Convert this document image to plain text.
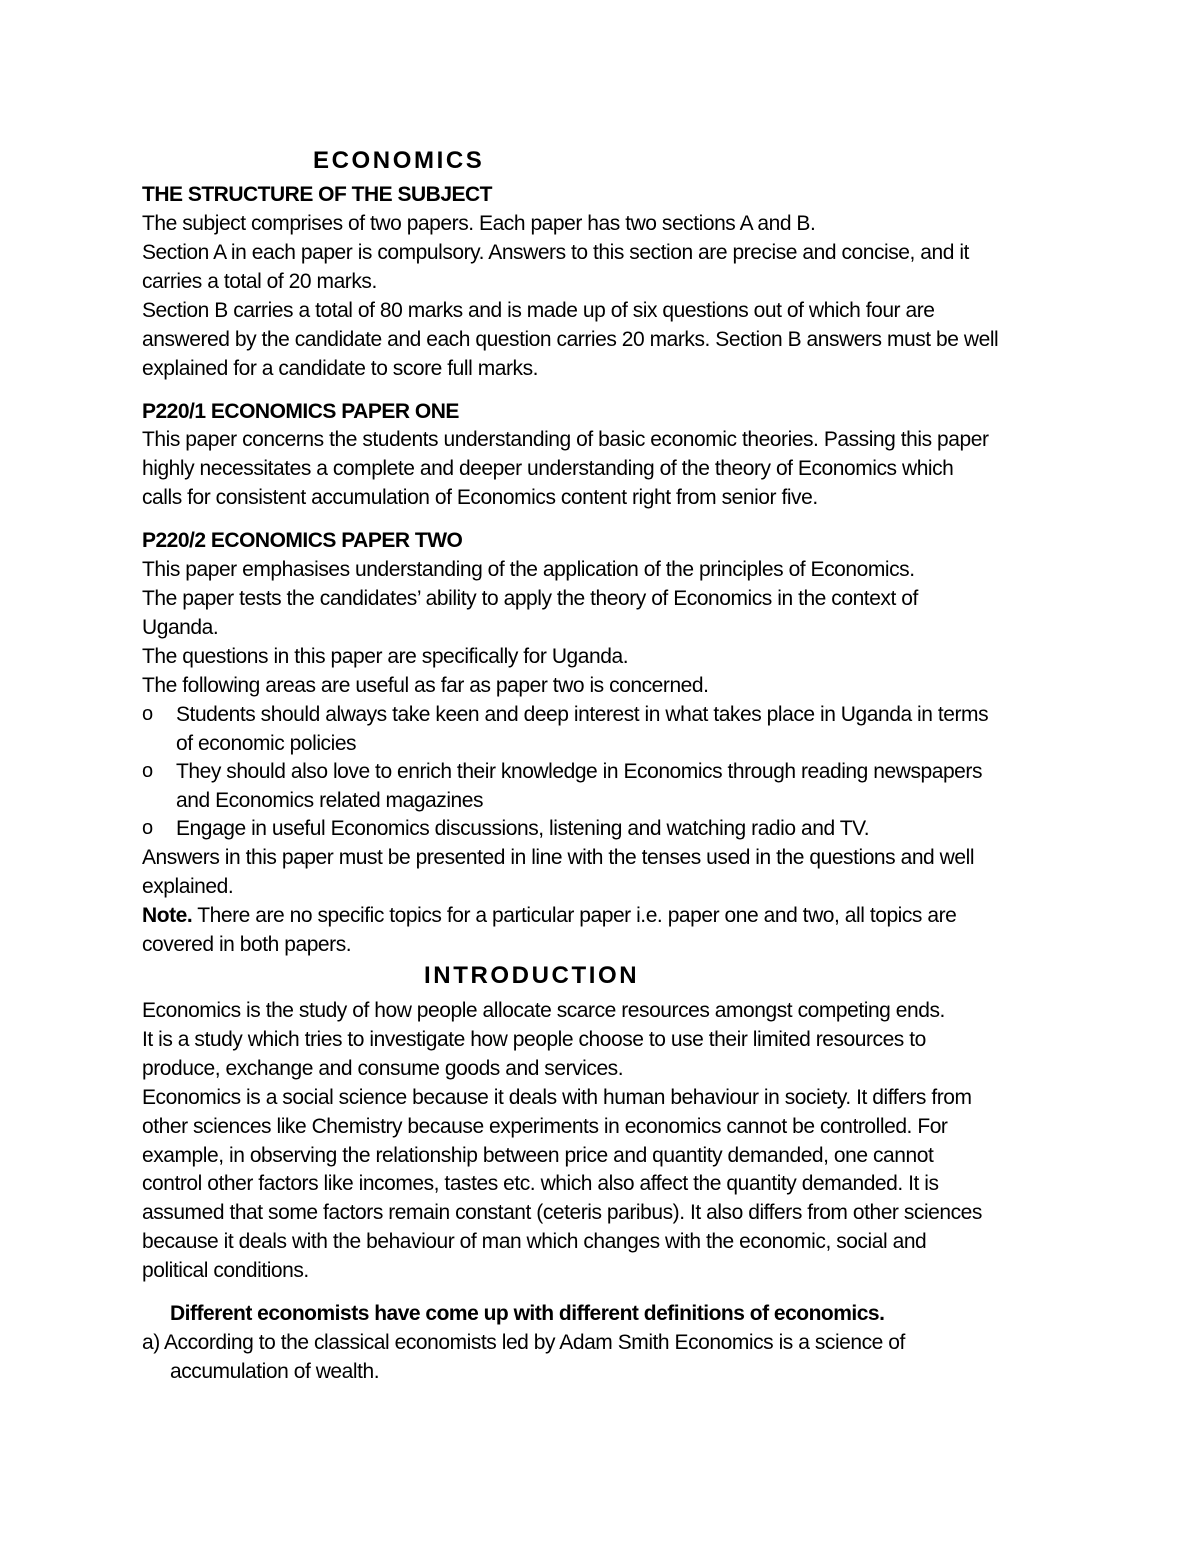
ECONOMICS
THE STRUCTURE OF THE SUBJECT
The subject comprises of two papers. Each paper has two sections A and B.
Section A in each paper is compulsory. Answers to this section are precise and concise, and it
carries a total of 20 marks.
Section B carries a total of 80 marks and is made up of six questions out of which four are
answered by the candidate and each question carries 20 marks. Section B answers must be well
explained for a candidate to score full marks.
P220/1 ECONOMICS PAPER ONE
This paper concerns the students understanding of basic economic theories. Passing this paper
highly necessitates a complete and deeper understanding of the theory of Economics which
calls for consistent accumulation of Economics content right from senior five.
P220/2 ECONOMICS PAPER TWO
This paper emphasises understanding of the application of the principles of Economics.
The paper tests the candidates’ ability to apply the theory of Economics in the context of
Uganda.
The questions in this paper are specifically for Uganda.
The following areas are useful as far as paper two is concerned.
o Students should always take keen and deep interest in what takes place in Uganda in terms
of economic policies
o They should also love to enrich their knowledge in Economics through reading newspapers
and Economics related magazines
o Engage in useful Economics discussions, listening and watching radio and TV.
Answers in this paper must be presented in line with the tenses used in the questions and well
explained.
Note. There are no specific topics for a particular paper i.e. paper one and two, all topics are
covered in both papers.
INTRODUCTION
Economics is the study of how people allocate scarce resources amongst competing ends.
It is a study which tries to investigate how people choose to use their limited resources to
produce, exchange and consume goods and services.
Economics is a social science because it deals with human behaviour in society. It differs from
other sciences like Chemistry because experiments in economics cannot be controlled. For
example, in observing the relationship between price and quantity demanded, one cannot
control other factors like incomes, tastes etc. which also affect the quantity demanded. It is
assumed that some factors remain constant (ceteris paribus). It also differs from other sciences
because it deals with the behaviour of man which changes with the economic, social and
political conditions.
Different economists have come up with different definitions of economics.
a) According to the classical economists led by Adam Smith Economics is a science of
accumulation of wealth.
